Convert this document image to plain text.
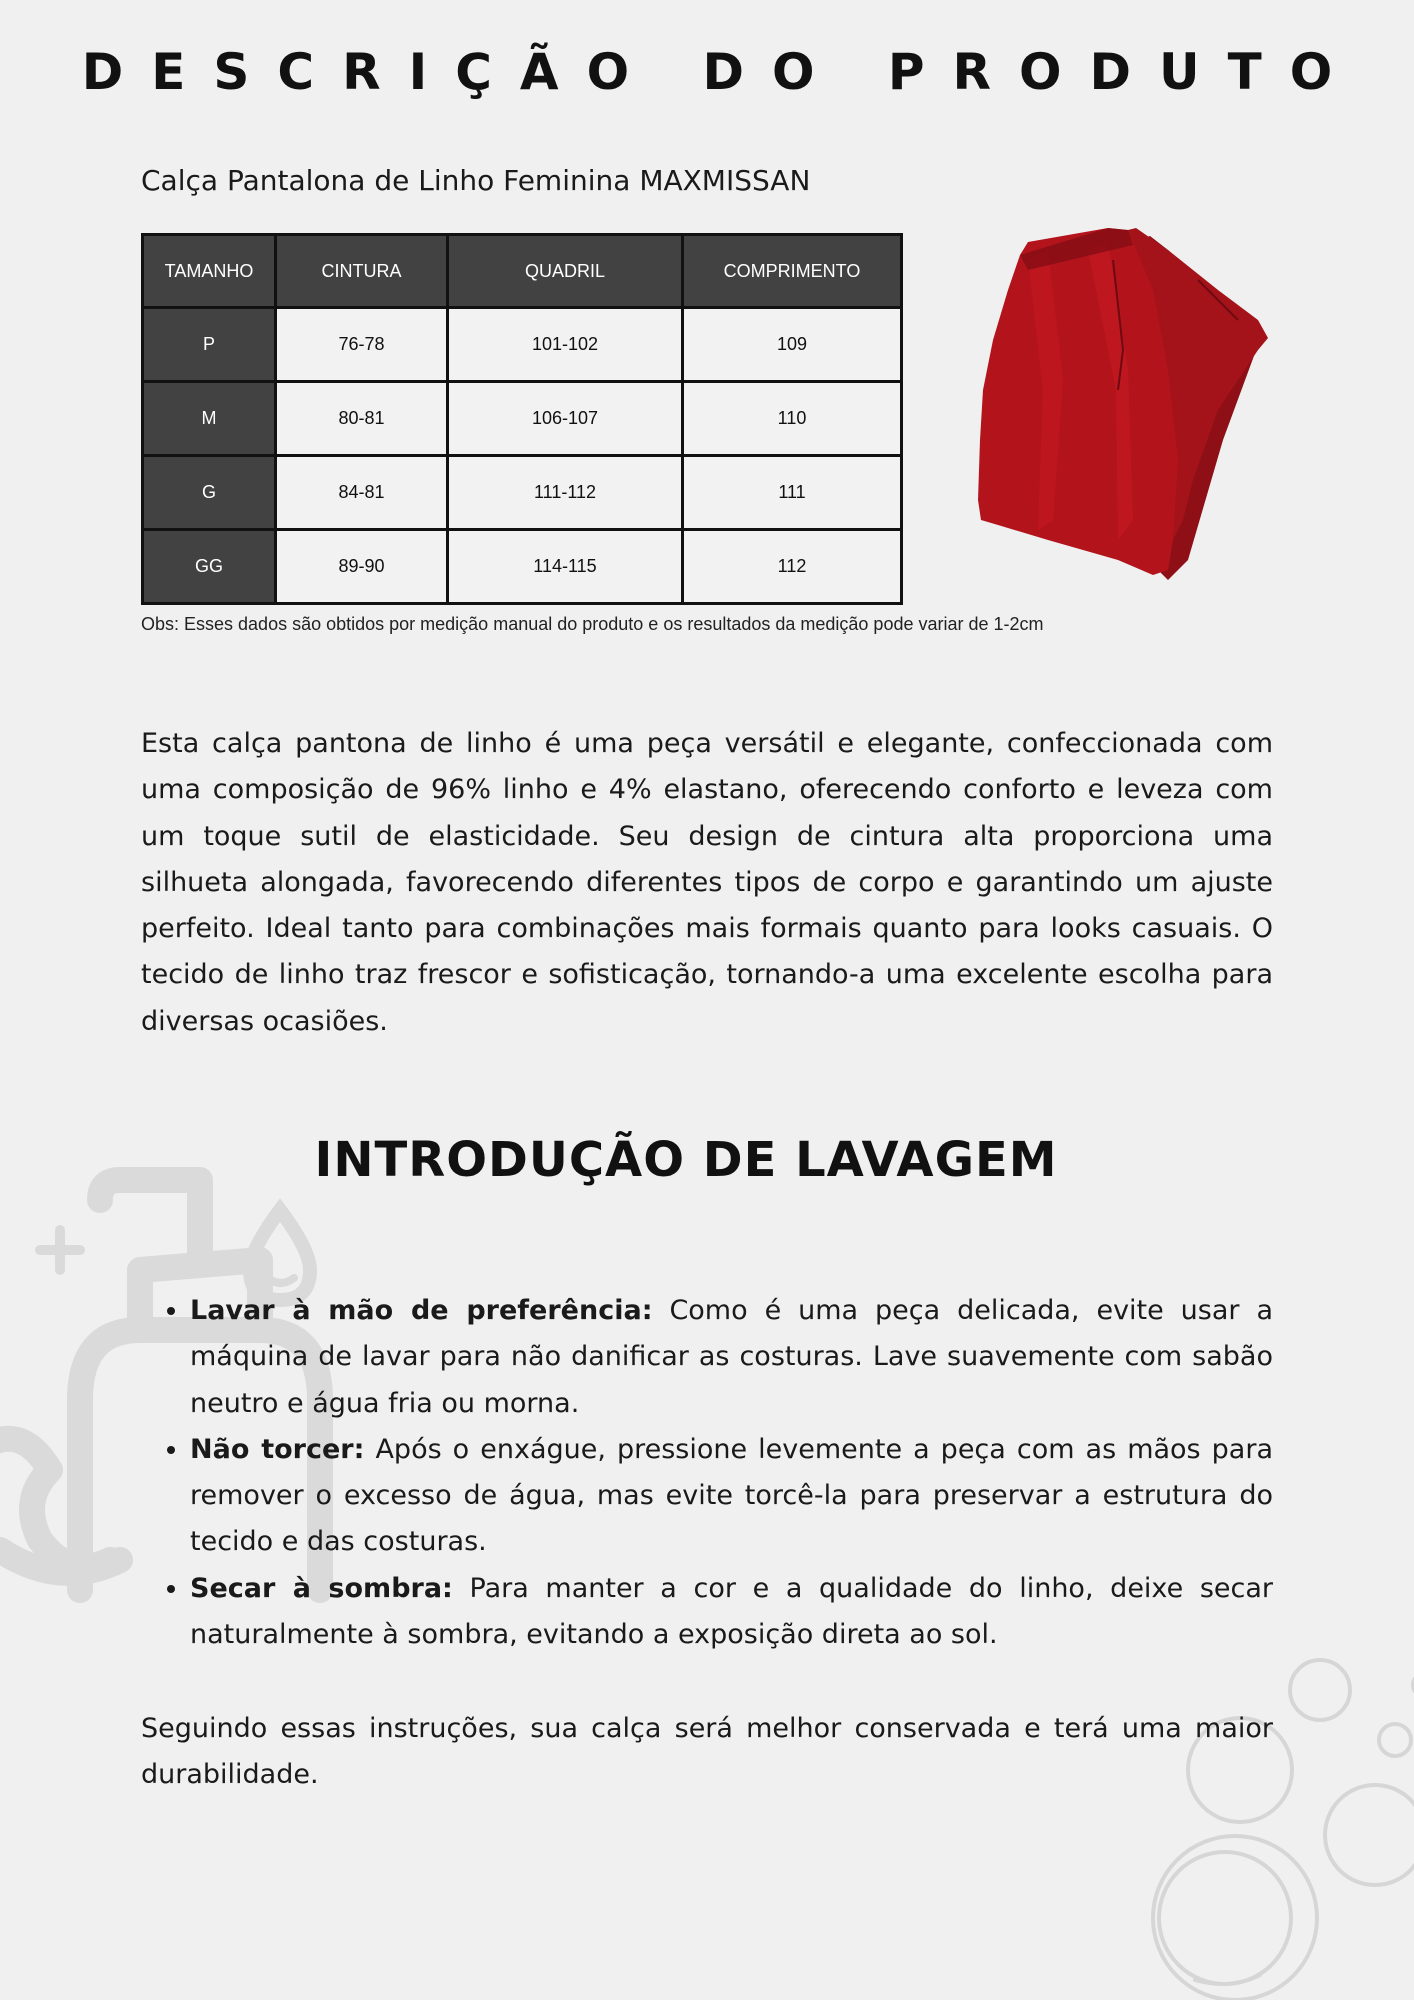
DESCRIÇÃO DO PRODUTO
Calça Pantalona de Linho Feminina MAXMISSAN
TAMANHO	CINTURA	QUADRIL	COMPRIMENTO
P	76-78	101-102	109
M	80-81	106-107	110
G	84-81	111-112	111
GG	89-90	114-115	112
Obs: Esses dados são obtidos por medição manual do produto e os resultados da medição pode variar de 1-2cm

Esta calça pantona de linho é uma peça versátil e elegante, confeccionada com uma composição de 96% linho e 4% elastano, oferecendo conforto e leveza com um toque sutil de elasticidade. Seu design de cintura alta proporciona uma silhueta alongada, favorecendo diferentes tipos de corpo e garantindo um ajuste perfeito. Ideal tanto para combinações mais formais quanto para looks casuais. O tecido de linho traz frescor e sofisticação, tornando-a uma excelente escolha para diversas ocasiões.

INTRODUÇÃO DE LAVAGEM
• Lavar à mão de preferência: Como é uma peça delicada, evite usar a máquina de lavar para não danificar as costuras. Lave suavemente com sabão neutro e água fria ou morna.
• Não torcer: Após o enxágue, pressione levemente a peça com as mãos para remover o excesso de água, mas evite torcê-la para preservar a estrutura do tecido e das costuras.
• Secar à sombra: Para manter a cor e a qualidade do linho, deixe secar naturalmente à sombra, evitando a exposição direta ao sol.

Seguindo essas instruções, sua calça será melhor conservada e terá uma maior durabilidade.
